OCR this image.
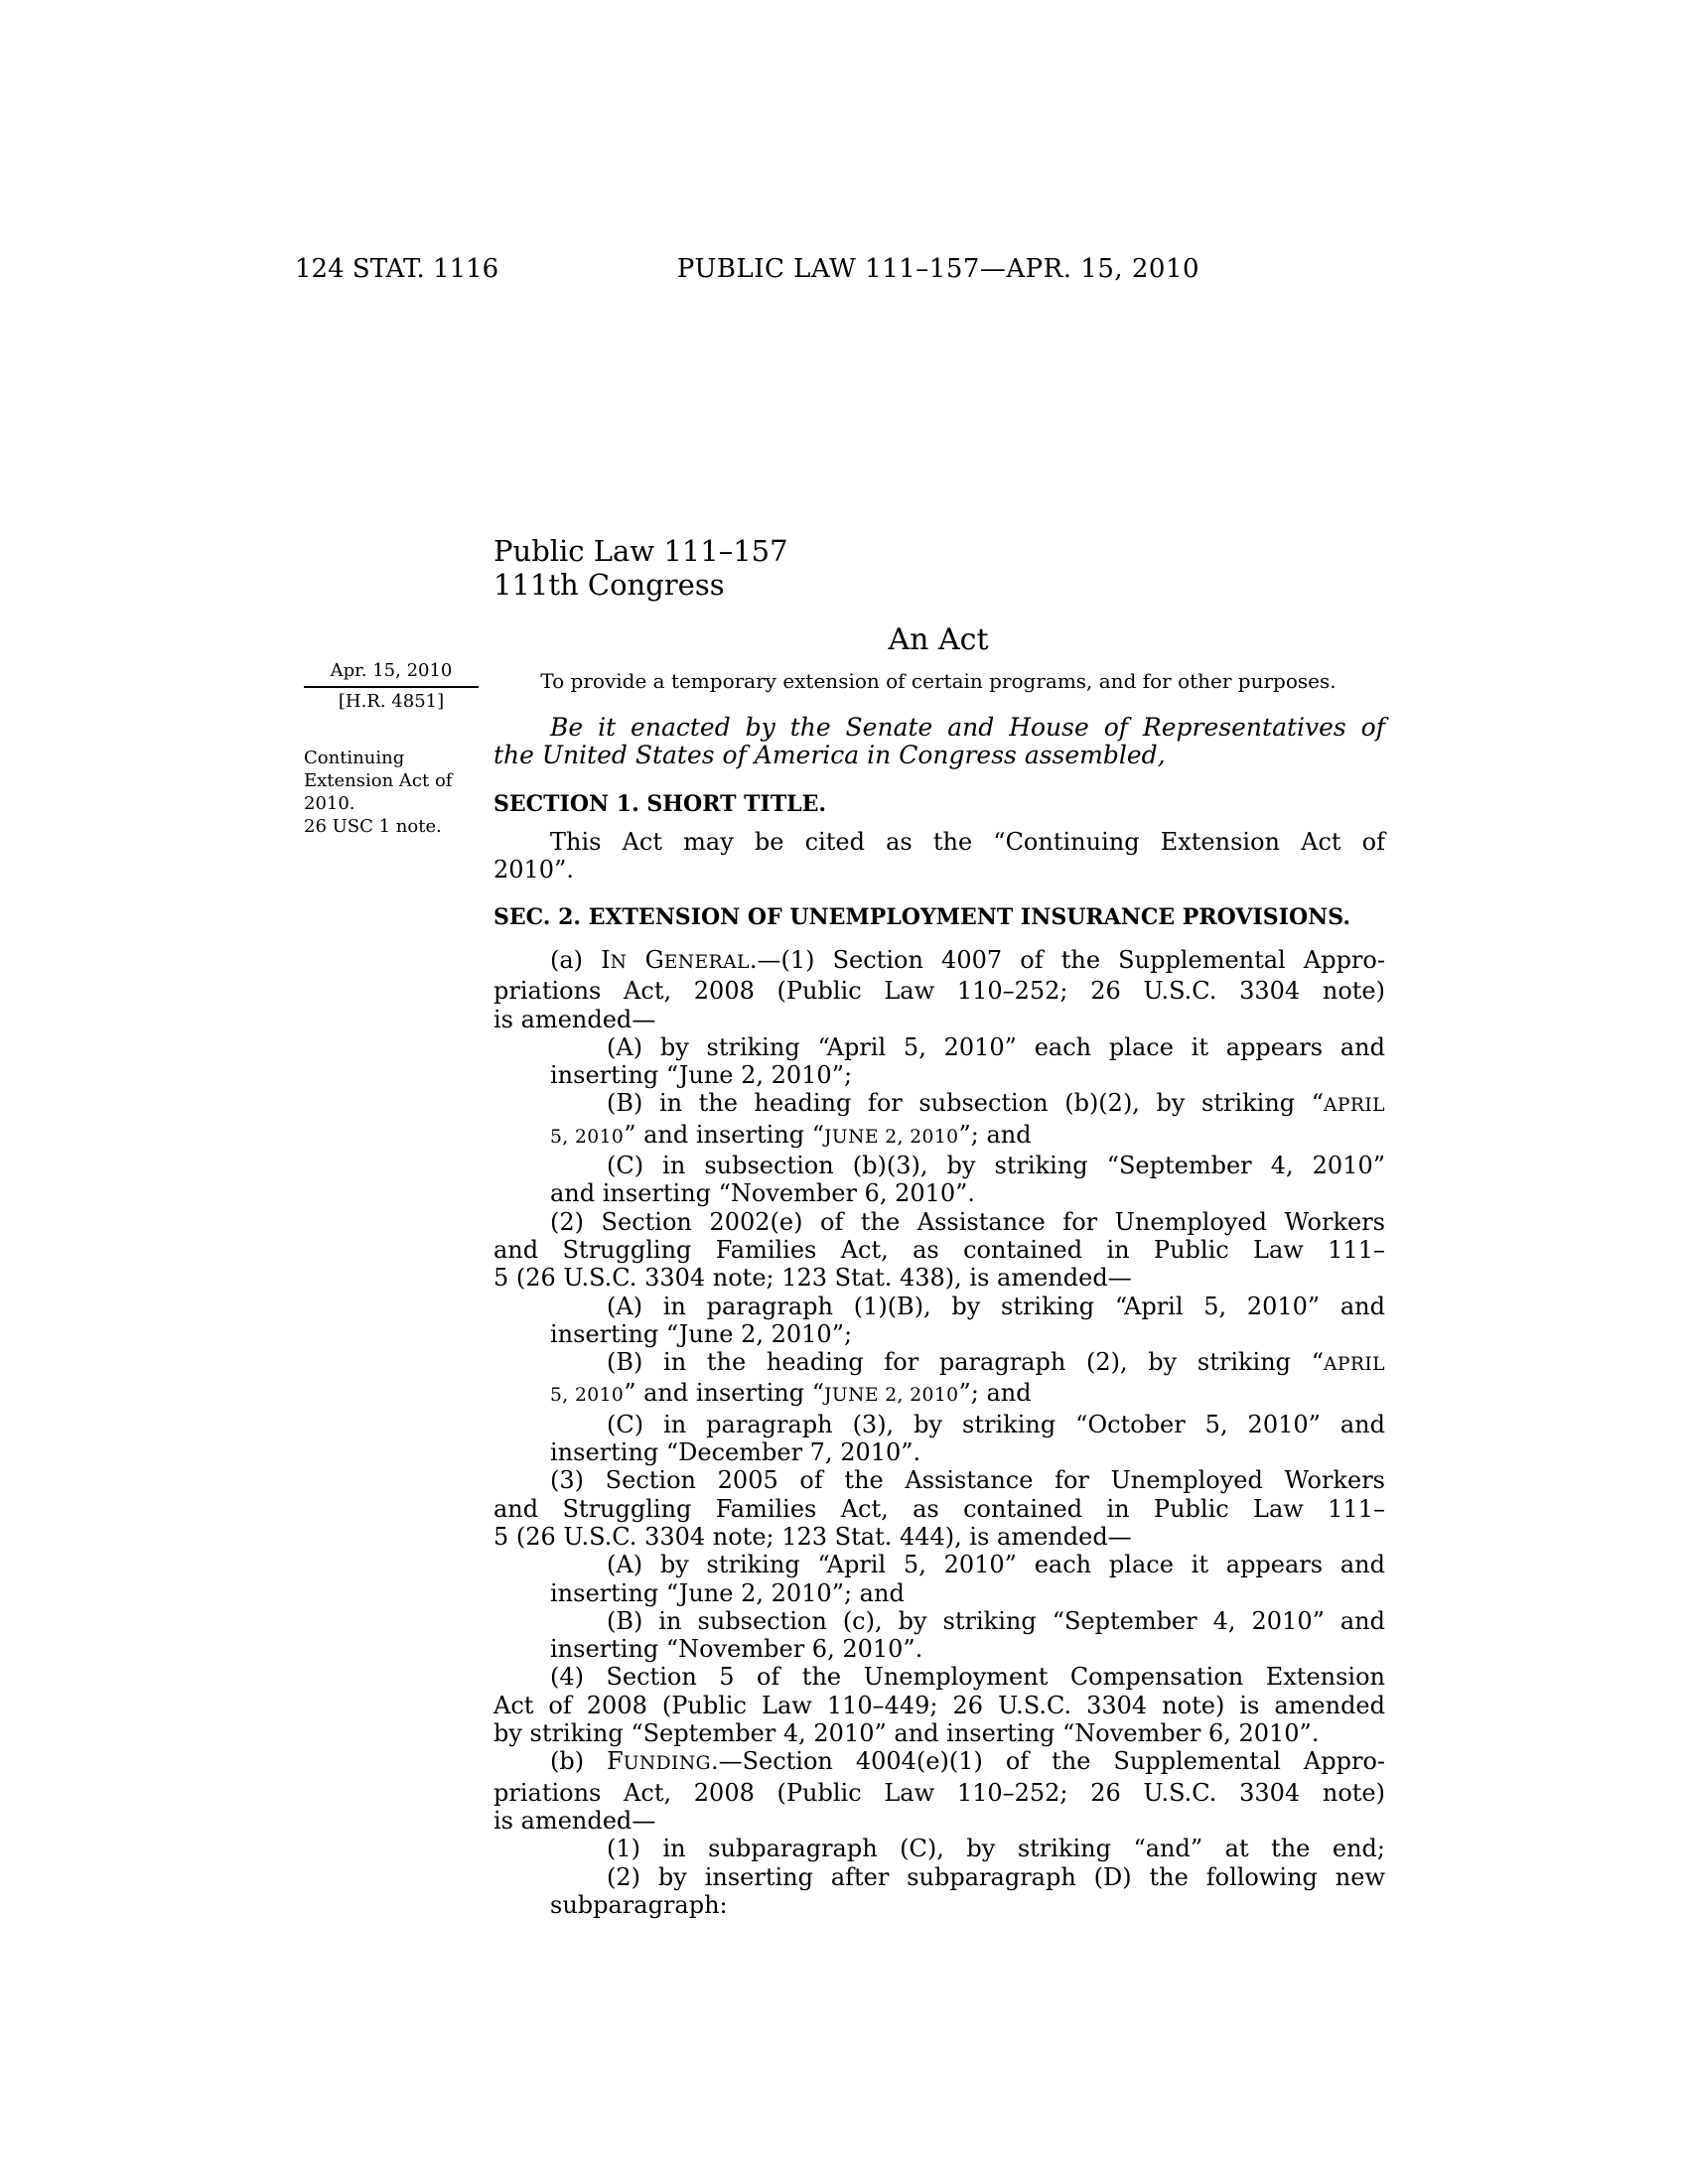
124 STAT. 1116	PUBLIC LAW 111–157—APR. 15, 2010
Public Law 111–157
111th Congress
An Act
To provide a temporary extension of certain programs, and for other purposes.
Apr. 15, 2010
[H.R. 4851]
Continuing
Extension Act of
2010.
26 USC 1 note.
Be it enacted by the Senate and House of Representatives of
the United States of America in Congress assembled,
SECTION 1. SHORT TITLE.
This Act may be cited as the “Continuing Extension Act of
2010”.
SEC. 2. EXTENSION OF UNEMPLOYMENT INSURANCE PROVISIONS.
(a) IN GENERAL.—(1) Section 4007 of the Supplemental Appro-
priations Act, 2008 (Public Law 110–252; 26 U.S.C. 3304 note)
is amended—
(A) by striking “April 5, 2010” each place it appears and
inserting “June 2, 2010”;
(B) in the heading for subsection (b)(2), by striking “APRIL
5, 2010” and inserting “JUNE 2, 2010”; and
(C) in subsection (b)(3), by striking “September 4, 2010”
and inserting “November 6, 2010”.
(2) Section 2002(e) of the Assistance for Unemployed Workers
and Struggling Families Act, as contained in Public Law 111–
5 (26 U.S.C. 3304 note; 123 Stat. 438), is amended—
(A) in paragraph (1)(B), by striking “April 5, 2010” and
inserting “June 2, 2010”;
(B) in the heading for paragraph (2), by striking “APRIL
5, 2010” and inserting “JUNE 2, 2010”; and
(C) in paragraph (3), by striking “October 5, 2010” and
inserting “December 7, 2010”.
(3) Section 2005 of the Assistance for Unemployed Workers
and Struggling Families Act, as contained in Public Law 111–
5 (26 U.S.C. 3304 note; 123 Stat. 444), is amended—
(A) by striking “April 5, 2010” each place it appears and
inserting “June 2, 2010”; and
(B) in subsection (c), by striking “September 4, 2010” and
inserting “November 6, 2010”.
(4) Section 5 of the Unemployment Compensation Extension
Act of 2008 (Public Law 110–449; 26 U.S.C. 3304 note) is amended
by striking “September 4, 2010” and inserting “November 6, 2010”.
(b) FUNDING.—Section 4004(e)(1) of the Supplemental Appro-
priations Act, 2008 (Public Law 110–252; 26 U.S.C. 3304 note)
is amended—
(1) in subparagraph (C), by striking “and” at the end;
(2) by inserting after subparagraph (D) the following new
subparagraph:
